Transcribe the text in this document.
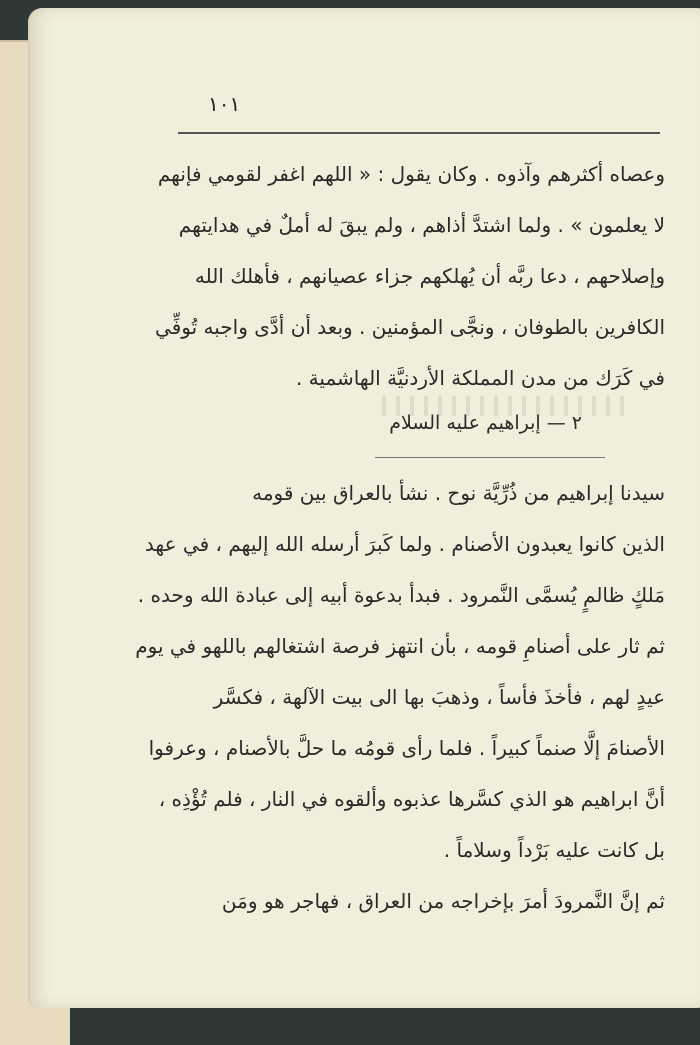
١٠١
وعصاه أكثرهم وآذوه . وكان يقول : « اللهم اغفر لقومي فإنهم
لا يعلمون » . ولما اشتدَّ أذاهم ، ولم يبقَ له أملٌ في هدايتهم
وإصلاحهم ، دعا ربَّه أن يُهلكهم جزاء عصيانهم ، فأهلك الله
الكافرين بالطوفان ، ونجَّى المؤمنين . وبعد أن أدَّى واجبه تُوفِّي
في كَرَك من مدن المملكة الأردنيَّة الهاشمية .
٢ — إبراهيم عليه السلام
سيدنا إبراهيم من ذُرِّيَّة نوح . نشأ بالعراق بين قومه
الذين كانوا يعبدون الأصنام . ولما كَبرَ أرسله الله إليهم ، في عهد
مَلكٍ ظالمٍ يُسمَّى النَّمرود . فبدأ بدعوة أبيه إلى عبادة الله وحده .
ثم ثار على أصنامِ قومه ، بأن انتهز فرصة اشتغالهم باللهو في يوم
عيدٍ لهم ، فأخذَ فأساً ، وذهبَ بها الى بيت الآلهة ، فكسَّر
الأصنامَ إلَّا صنماً كبيراً . فلما رأى قومُه ما حلَّ بالأصنام ، وعرفوا
أنَّ ابراهيم هو الذي كسَّرها عذبوه وألقوه في النار ، فلم تُؤْذِه ،
بل كانت عليه بَرْداً وسلاماً .
ثم إنَّ النَّمرودَ أمرَ بإخراجه من العراق ، فهاجر هو ومَن
